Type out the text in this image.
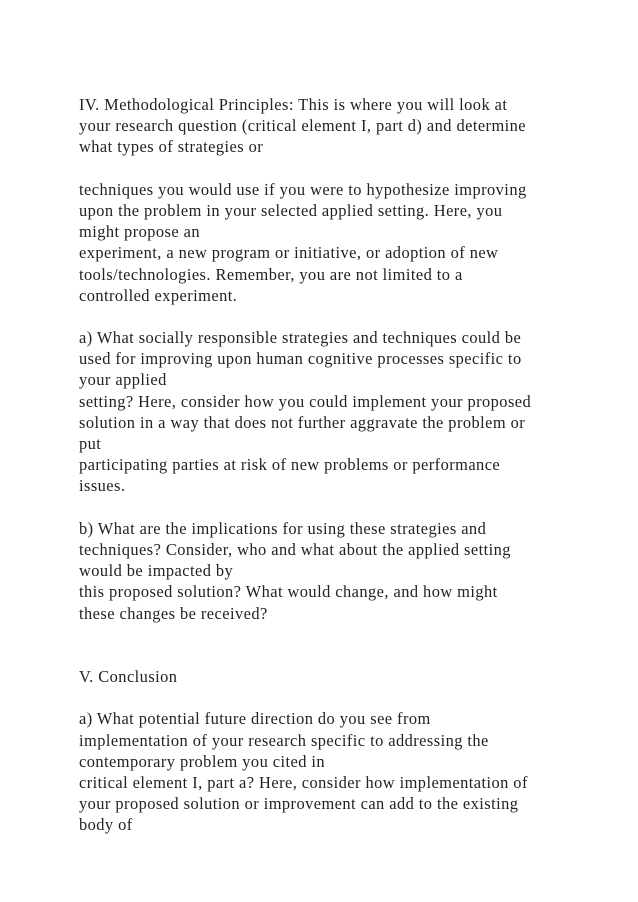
IV. Methodological Principles: This is where you will look at
your research question (critical element I, part d) and determine
what types of strategies or
techniques you would use if you were to hypothesize improving
upon the problem in your selected applied setting. Here, you
might propose an
experiment, a new program or initiative, or adoption of new
tools/technologies. Remember, you are not limited to a
controlled experiment.
a) What socially responsible strategies and techniques could be
used for improving upon human cognitive processes specific to
your applied
setting? Here, consider how you could implement your proposed
solution in a way that does not further aggravate the problem or
put
participating parties at risk of new problems or performance
issues.
b) What are the implications for using these strategies and
techniques? Consider, who and what about the applied setting
would be impacted by
this proposed solution? What would change, and how might
these changes be received?
V. Conclusion
a) What potential future direction do you see from
implementation of your research specific to addressing the
contemporary problem you cited in
critical element I, part a? Here, consider how implementation of
your proposed solution or improvement can add to the existing
body of
